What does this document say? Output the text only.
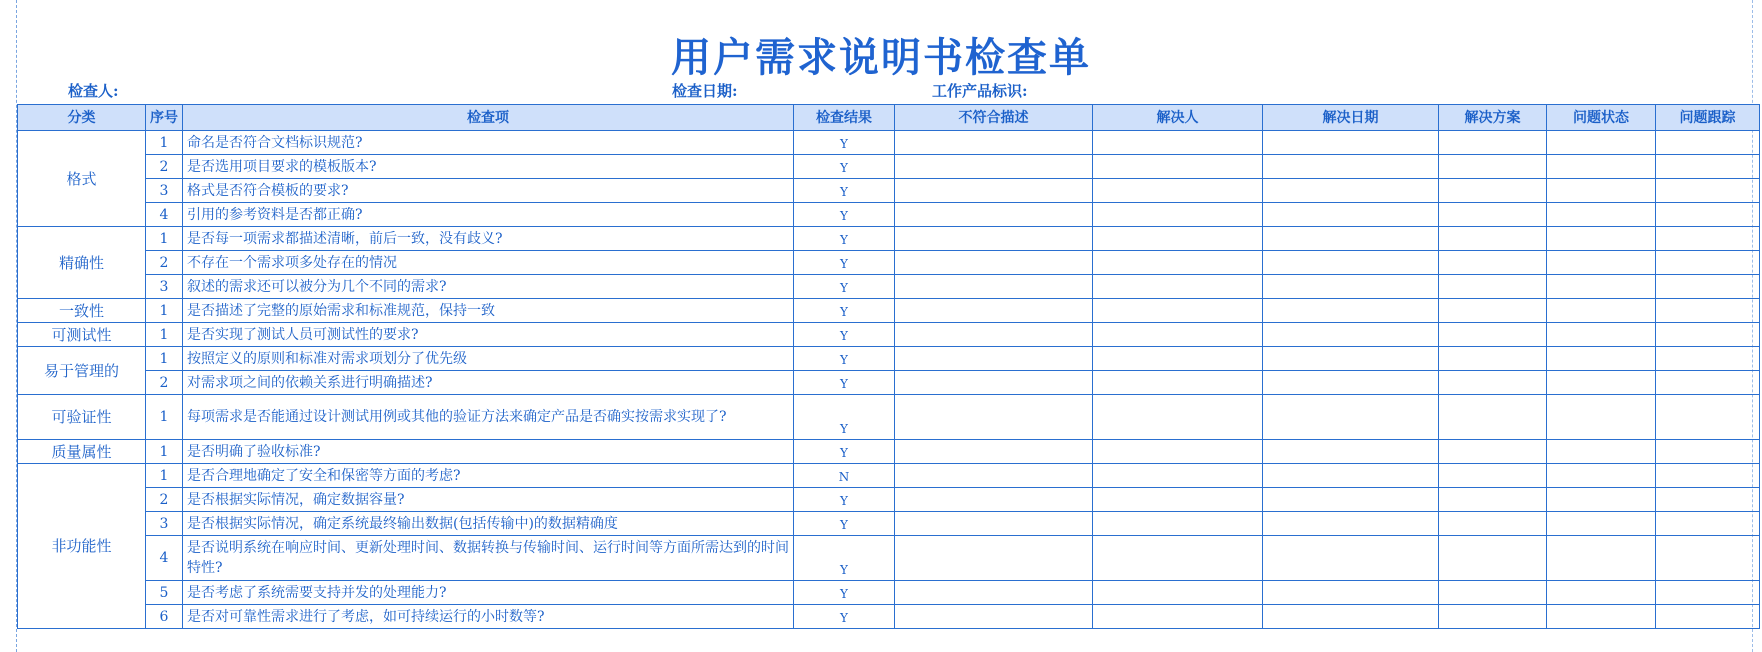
用户需求说明书检查单
检查人:	检查日期:	工作产品标识:
分类	序号	检查项	检查结果	不符合描述	解决人	解决日期	解决方案	问题状态	问题跟踪
格式	1	命名是否符合文档标识规范?	Y						
	2	是否选用项目要求的模板版本?	Y						
	3	格式是否符合模板的要求?	Y						
	4	引用的参考资料是否都正确?	Y						
精确性	1	是否每一项需求都描述清晰，前后一致，没有歧义?	Y						
	2	不存在一个需求项多处存在的情况	Y						
	3	叙述的需求还可以被分为几个不同的需求?	Y						
一致性	1	是否描述了完整的原始需求和标准规范，保持一致	Y						
可测试性	1	是否实现了测试人员可测试性的要求?	Y						
易于管理的	1	按照定义的原则和标准对需求项划分了优先级	Y						
	2	对需求项之间的依赖关系进行明确描述?	Y						
可验证性	1	每项需求是否能通过设计测试用例或其他的验证方法来确定产品是否确实按需求实现了?	Y						
质量属性	1	是否明确了验收标准?	Y						
非功能性	1	是否合理地确定了安全和保密等方面的考虑?	N						
	2	是否根据实际情况，确定数据容量?	Y						
	3	是否根据实际情况，确定系统最终输出数据(包括传输中)的数据精确度	Y						
	4	是否说明系统在响应时间、更新处理时间、数据转换与传输时间、运行时间等方面所需达到的时间特性?	Y						
	5	是否考虑了系统需要支持并发的处理能力?	Y						
	6	是否对可靠性需求进行了考虑，如可持续运行的小时数等?	Y						
